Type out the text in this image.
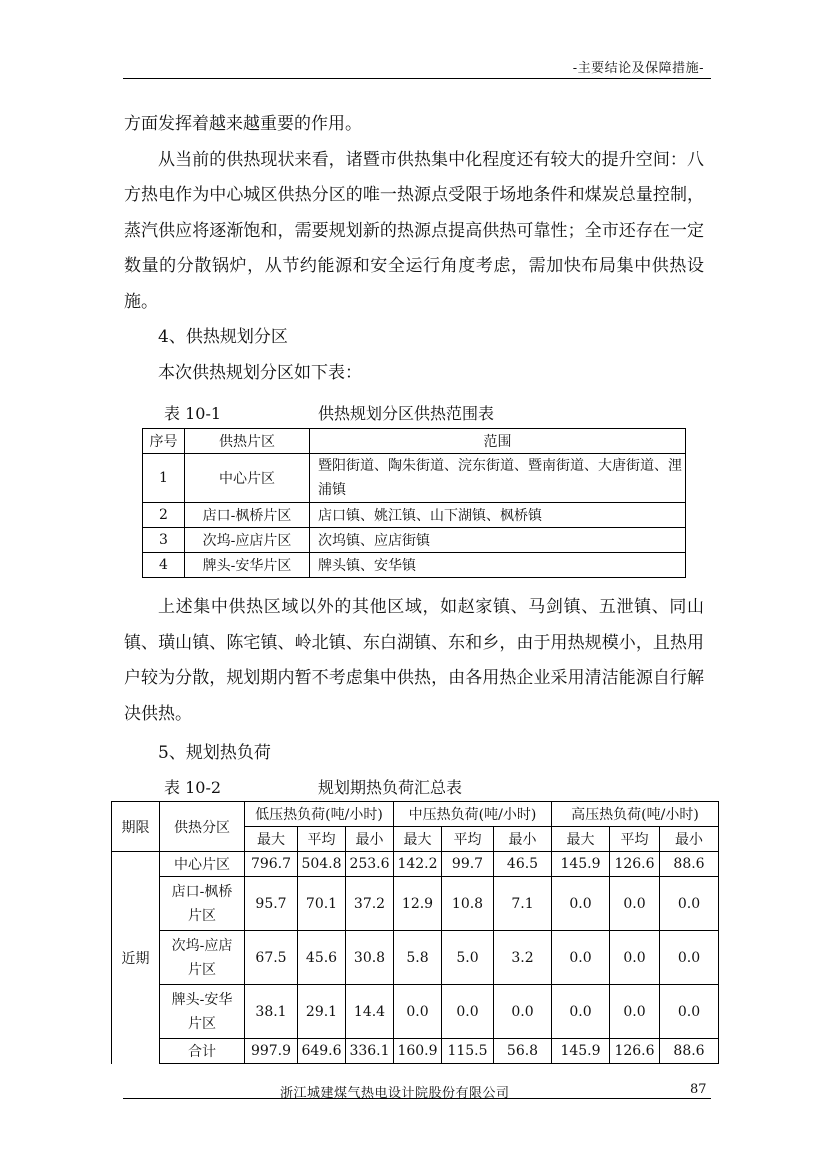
-主要结论及保障措施-

方面发挥着越来越重要的作用。

从当前的供热现状来看，诸暨市供热集中化程度还有较大的提升空间：八方热电作为中心城区供热分区的唯一热源点受限于场地条件和煤炭总量控制，蒸汽供应将逐渐饱和，需要规划新的热源点提高供热可靠性；全市还存在一定数量的分散锅炉，从节约能源和安全运行角度考虑，需加快布局集中供热设施。

4、供热规划分区

本次供热规划分区如下表：

表 10-1	供热规划分区供热范围表
序号	供热片区	范围
1	中心片区	暨阳街道、陶朱街道、浣东街道、暨南街道、大唐街道、浬浦镇
2	店口-枫桥片区	店口镇、姚江镇、山下湖镇、枫桥镇
3	次坞-应店片区	次坞镇、应店街镇
4	牌头-安华片区	牌头镇、安华镇

上述集中供热区域以外的其他区域，如赵家镇、马剑镇、五泄镇、同山镇、璜山镇、陈宅镇、岭北镇、东白湖镇、东和乡，由于用热规模小，且热用户较为分散，规划期内暂不考虑集中供热，由各用热企业采用清洁能源自行解决供热。

5、规划热负荷

表 10-2	规划期热负荷汇总表
期限	供热分区	低压热负荷(吨/小时)			中压热负荷(吨/小时)			高压热负荷(吨/小时)		
		最大	平均	最小	最大	平均	最小	最大	平均	最小
近期	中心片区	796.7	504.8	253.6	142.2	99.7	46.5	145.9	126.6	88.6
	店口-枫桥片区	95.7	70.1	37.2	12.9	10.8	7.1	0.0	0.0	0.0
	次坞-应店片区	67.5	45.6	30.8	5.8	5.0	3.2	0.0	0.0	0.0
	牌头-安华片区	38.1	29.1	14.4	0.0	0.0	0.0	0.0	0.0	0.0
	合计	997.9	649.6	336.1	160.9	115.5	56.8	145.9	126.6	88.6
浙江城建煤气热电设计院股份有限公司	87
